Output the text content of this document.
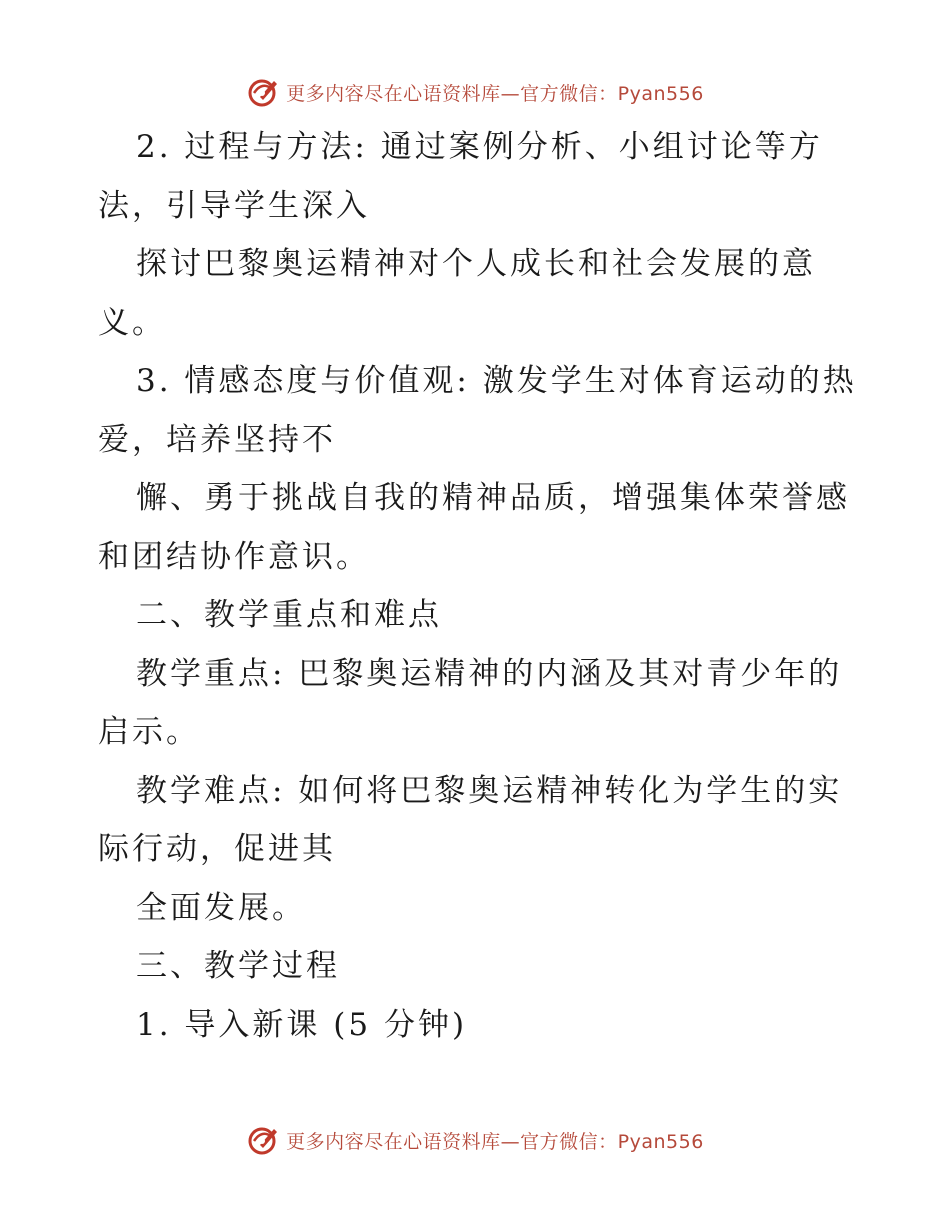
更多内容尽在心语资料库—官方微信：Pyan556
2. 过程与方法: 通过案例分析、小组讨论等方
法，引导学生深入
探讨巴黎奥运精神对个人成长和社会发展的意
义。
3. 情感态度与价值观: 激发学生对体育运动的热
爱，培养坚持不
懈、勇于挑战自我的精神品质，增强集体荣誉感
和团结协作意识。
二、教学重点和难点
教学重点: 巴黎奥运精神的内涵及其对青少年的
启示。
教学难点: 如何将巴黎奥运精神转化为学生的实
际行动，促进其
全面发展。
三、教学过程
1. 导入新课 (5 分钟)
更多内容尽在心语资料库—官方微信：Pyan556
